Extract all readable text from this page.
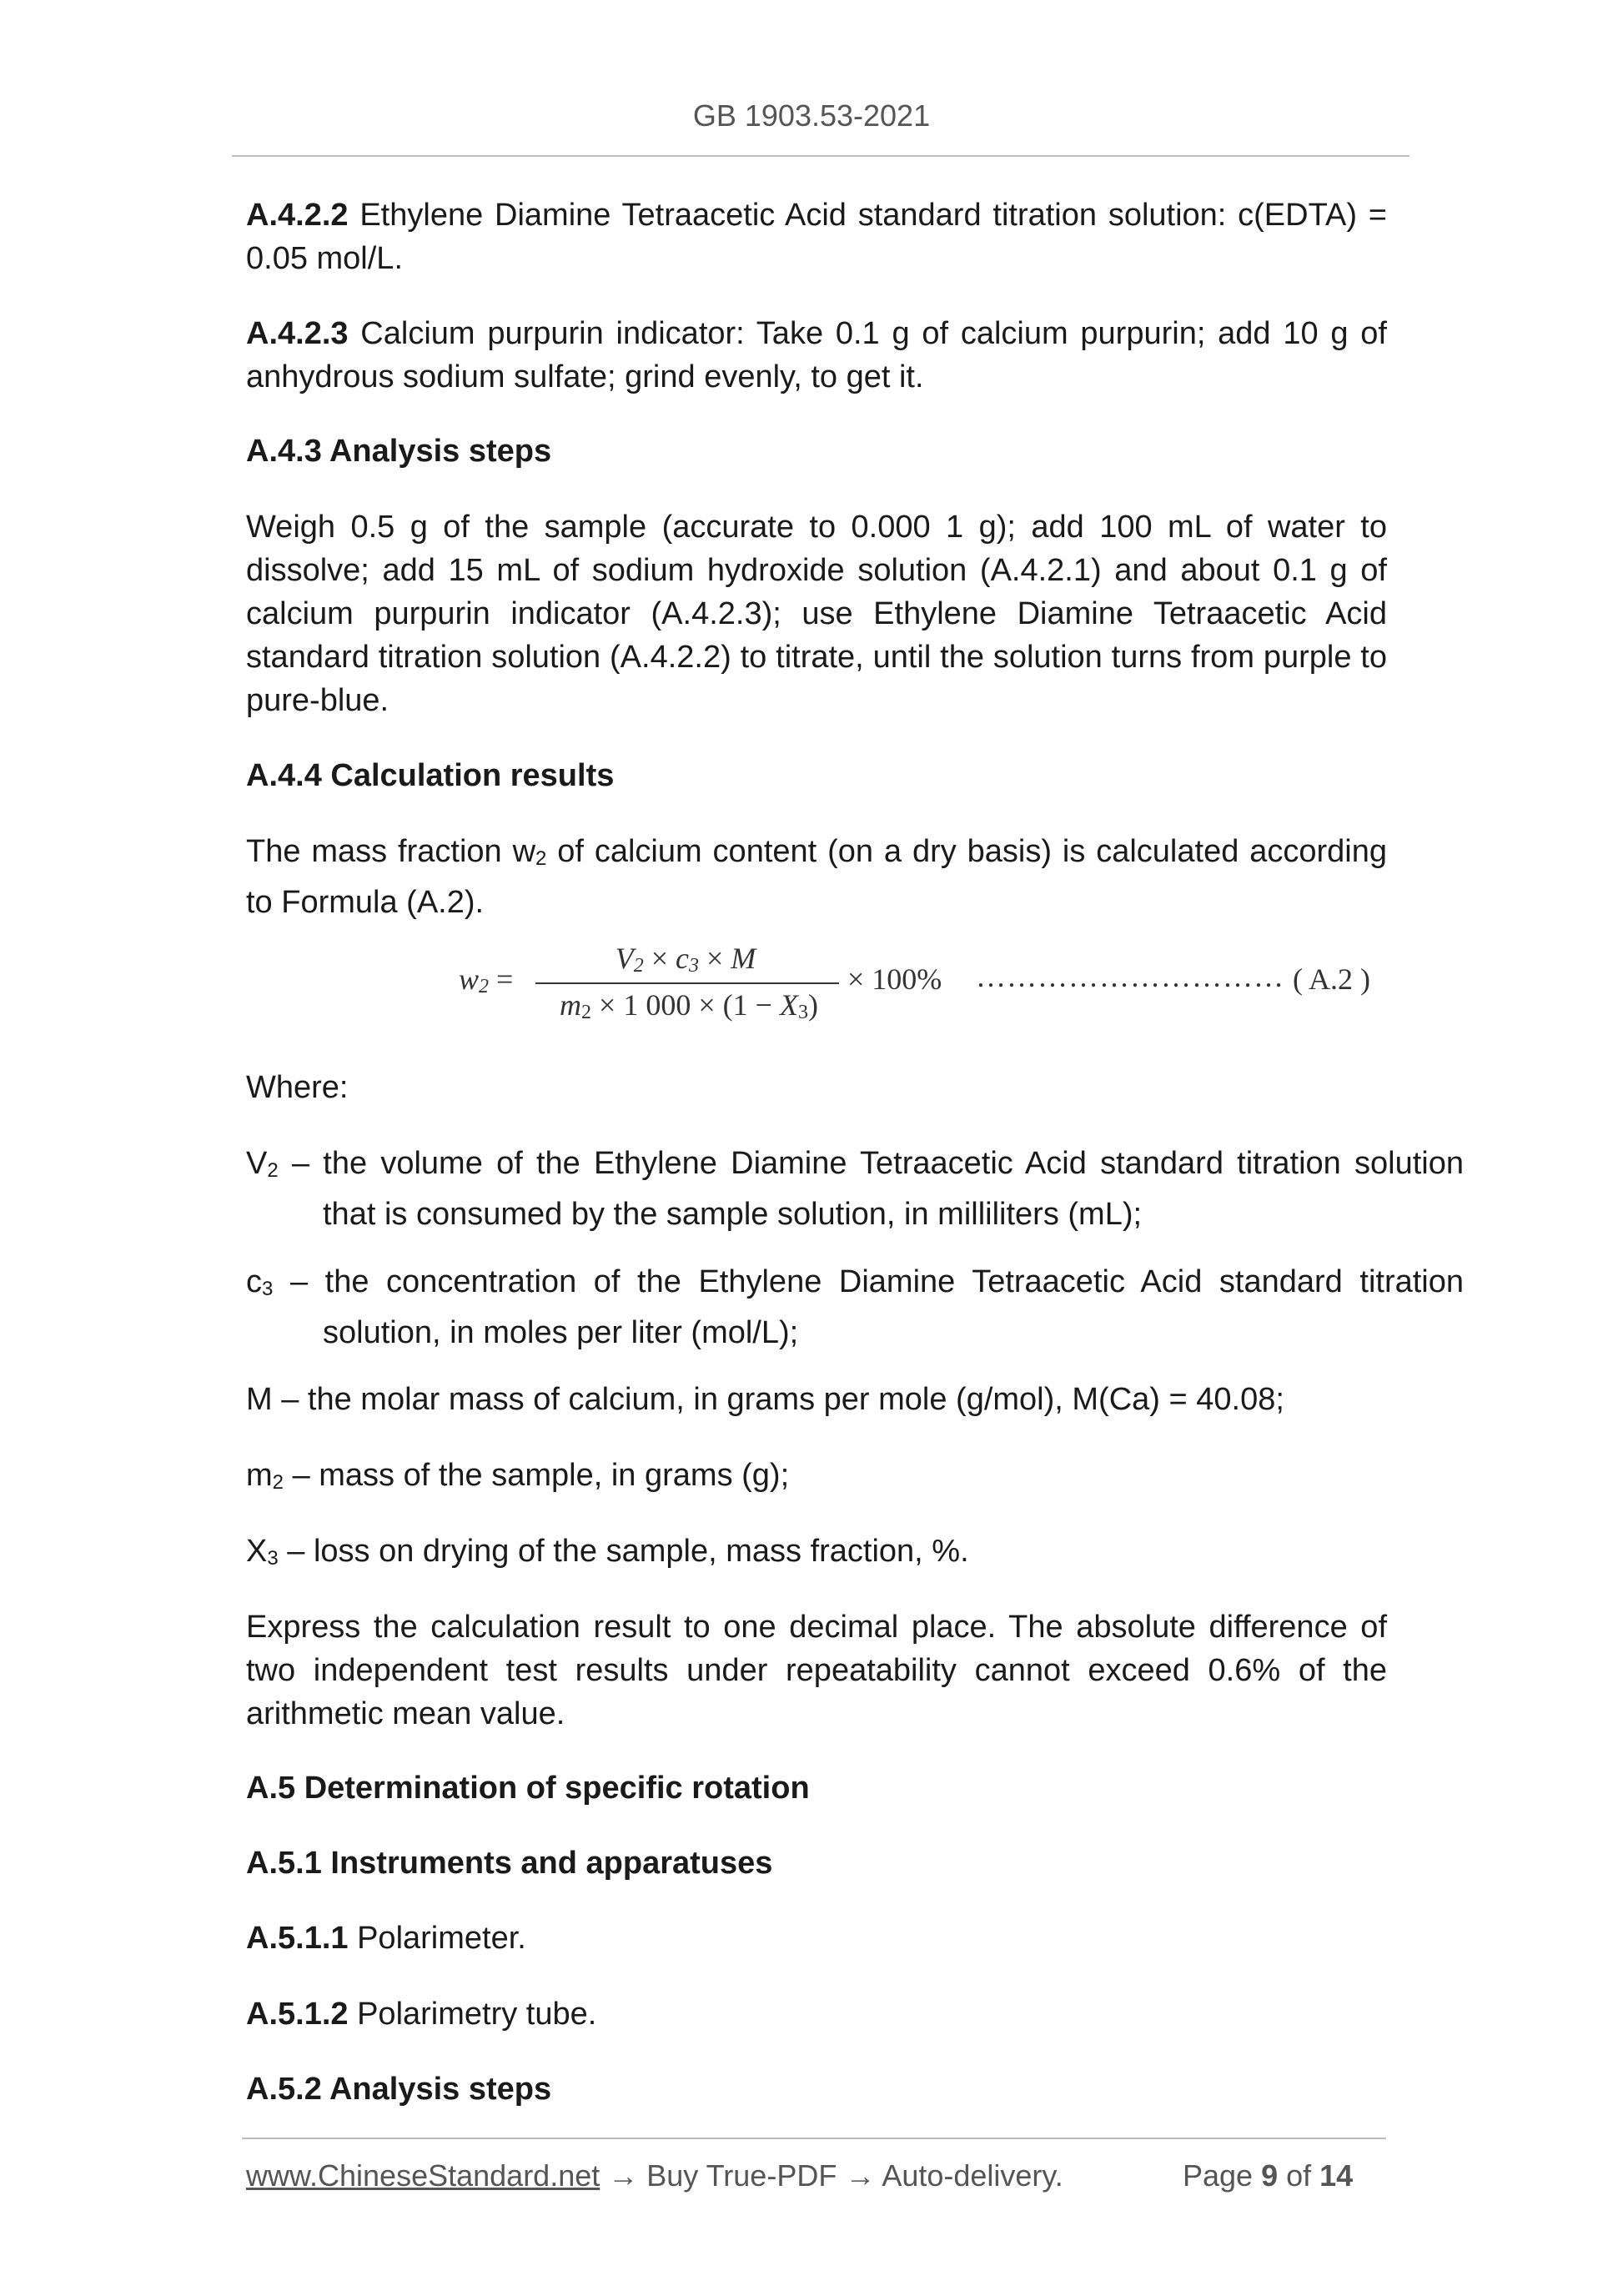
GB 1903.53-2021

A.4.2.2 Ethylene Diamine Tetraacetic Acid standard titration solution: c(EDTA) = 0.05 mol/L.

A.4.2.3 Calcium purpurin indicator: Take 0.1 g of calcium purpurin; add 10 g of anhydrous sodium sulfate; grind evenly, to get it.

A.4.3 Analysis steps

Weigh 0.5 g of the sample (accurate to 0.000 1 g); add 100 mL of water to dissolve; add 15 mL of sodium hydroxide solution (A.4.2.1) and about 0.1 g of calcium purpurin indicator (A.4.2.3); use Ethylene Diamine Tetraacetic Acid standard titration solution (A.4.2.2) to titrate, until the solution turns from purple to pure-blue.

A.4.4 Calculation results

The mass fraction $w_2$ of calcium content (on a dry basis) is calculated according to Formula (A.2).

$w_2$ =
$V_2 \times c_3 \times M$
$m_2 \times 1$ $000 \times (1 - X_3)$
× 100% ………………………… ( A.2 )

Where:

$V_2$ – the volume of the Ethylene Diamine Tetraacetic Acid standard titration solution that is consumed by the sample solution, in milliliters (mL);

$c_3$ – the concentration of the Ethylene Diamine Tetraacetic Acid standard titration solution, in moles per liter (mol/L);

M – the molar mass of calcium, in grams per mole (g/mol), M(Ca) = 40.08;

$m_2$ – mass of the sample, in grams (g);

$X_3$ – loss on drying of the sample, mass fraction, %.

Express the calculation result to one decimal place. The absolute difference of two independent test results under repeatability cannot exceed 0.6% of the arithmetic mean value.

A.5 Determination of specific rotation

A.5.1 Instruments and apparatuses

A.5.1.1 Polarimeter.

A.5.1.2 Polarimetry tube.

A.5.2 Analysis steps

www.ChineseStandard.net → Buy True-PDF → Auto-delivery.	Page 9 of 14
